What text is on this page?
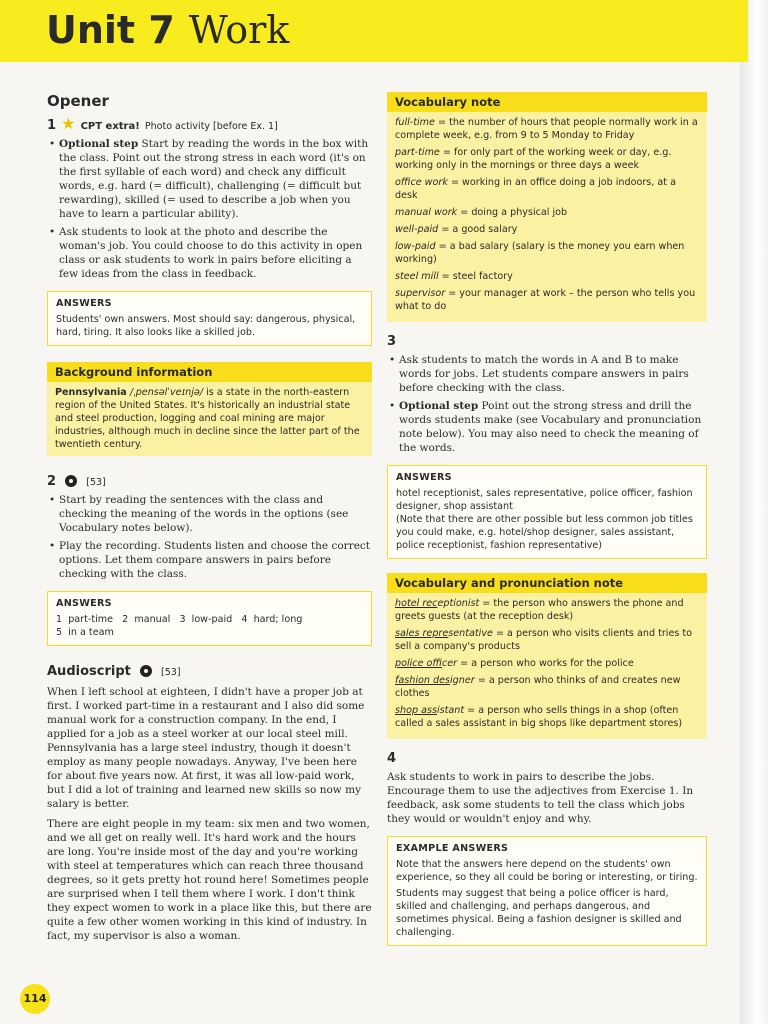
Unit 7 Work
Opener
1 ★ CPT extra! Photo activity [before Ex. 1]
• Optional step Start by reading the words in the box with the class. Point out the strong stress in each word (it's on the first syllable of each word) and check any difficult words, e.g. hard (= difficult), challenging (= difficult but rewarding), skilled (= used to describe a job when you have to learn a particular ability).
• Ask students to look at the photo and describe the woman's job. You could choose to do this activity in open class or ask students to work in pairs before eliciting a few ideas from the class in feedback.
ANSWERS
Students' own answers. Most should say: dangerous, physical, hard, tiring. It also looks like a skilled job.
Background information
Pennsylvania /ˌpensəlˈveɪnjə/ is a state in the north-eastern region of the United States. It's historically an industrial state and steel production, logging and coal mining are major industries, although much in decline since the latter part of the twentieth century.
2	[53]
• Start by reading the sentences with the class and checking the meaning of the words in the options (see Vocabulary notes below).
• Play the recording. Students listen and choose the correct options. Let them compare answers in pairs before checking with the class.
ANSWERS
1  part-time   2  manual   3  low-paid   4  hard; long
5  in a team
Audioscript	[53]

When I left school at eighteen, I didn't have a proper job at first. I worked part-time in a restaurant and I also did some manual work for a construction company. In the end, I applied for a job as a steel worker at our local steel mill. Pennsylvania has a large steel industry, though it doesn't employ as many people nowadays. Anyway, I've been here for about five years now. At first, it was all low-paid work, but I did a lot of training and learned new skills so now my salary is better.

There are eight people in my team: six men and two women, and we all get on really well. It's hard work and the hours are long. You're inside most of the day and you're working with steel at temperatures which can reach three thousand degrees, so it gets pretty hot round here! Sometimes people are surprised when I tell them where I work. I don't think they expect women to work in a place like this, but there are quite a few other women working in this kind of industry. In fact, my supervisor is also a woman.

Vocabulary note

full-time = the number of hours that people normally work in a complete week, e.g. from 9 to 5 Monday to Friday

part-time = for only part of the working week or day, e.g. working only in the mornings or three days a week

office work = working in an office doing a job indoors, at a desk

manual work = doing a physical job

well-paid = a good salary

low-paid = a bad salary (salary is the money you earn when working)

steel mill = steel factory

supervisor = your manager at work – the person who tells you what to do

3
• Ask students to match the words in A and B to make words for jobs. Let students compare answers in pairs before checking with the class.
• Optional step Point out the strong stress and drill the words students make (see Vocabulary and pronunciation note below). You may also need to check the meaning of the words.
ANSWERS
hotel receptionist, sales representative, police officer, fashion designer, shop assistant
(Note that there are other possible but less common job titles you could make, e.g. hotel/shop designer, sales assistant, police receptionist, fashion representative)
Vocabulary and pronunciation note

hotel receptionist = the person who answers the phone and greets guests (at the reception desk)

sales representative = a person who visits clients and tries to sell a company's products

police officer = a person who works for the police

fashion designer = a person who thinks of and creates new clothes

shop assistant = a person who sells things in a shop (often called a sales assistant in big shops like department stores)

4

Ask students to work in pairs to describe the jobs. Encourage them to use the adjectives from Exercise 1. In feedback, ask some students to tell the class which jobs they would or wouldn't enjoy and why.

EXAMPLE ANSWERS
Note that the answers here depend on the students' own experience, so they all could be boring or interesting, or tiring.
Students may suggest that being a police officer is hard, skilled and challenging, and perhaps dangerous, and sometimes physical. Being a fashion designer is skilled and challenging.
114
